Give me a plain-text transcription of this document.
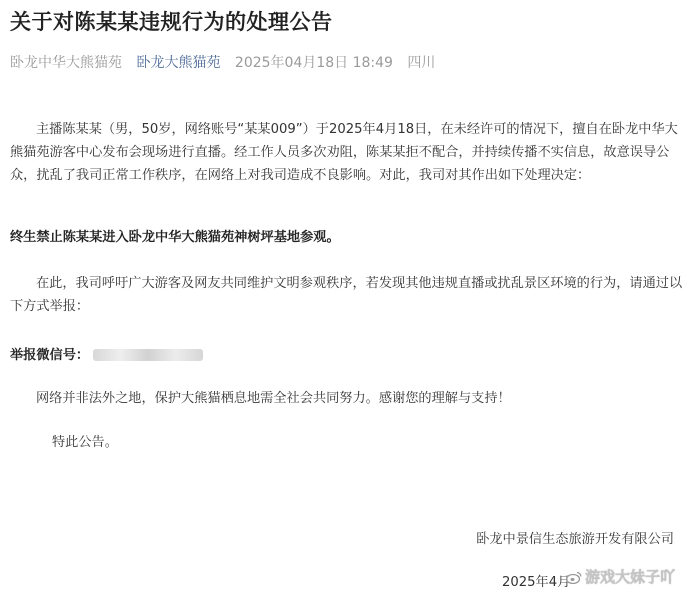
关于对陈某某违规行为的处理公告
卧龙中华大熊猫苑 卧龙大熊猫苑 2025年04月18日 18:49 四川
主播陈某某（男，50岁，网络账号“某某009”）于2025年4月18日，在未经许可的情况下，擅自在卧龙中华大熊猫苑游客中心发布会现场进行直播。经工作人员多次劝阻，陈某某拒不配合，并持续传播不实信息，故意误导公众，扰乱了我司正常工作秩序，在网络上对我司造成不良影响。对此，我司对其作出如下处理决定：
终生禁止陈某某进入卧龙中华大熊猫苑神树坪基地参观。
在此，我司呼吁广大游客及网友共同维护文明参观秩序，若发现其他违规直播或扰乱景区环境的行为，请通过以下方式举报：
举报微信号：
网络并非法外之地，保护大熊猫栖息地需全社会共同努力。感谢您的理解与支持！
特此公告。
卧龙中景信生态旅游开发有限公司
2025年4月 游戏大妹子吖
